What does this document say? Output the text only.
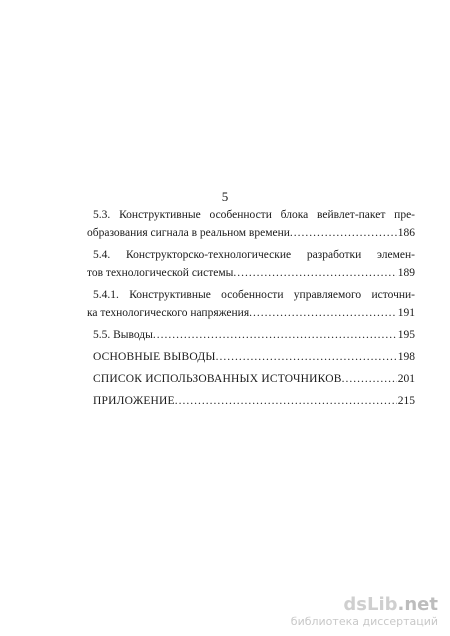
5
5.3. Конструктивные особенности блока вейвлет-пакет пре-
образования сигнала в реальном времени .....	186
5.4. Конструкторско-технологические разработки элемен-
тов технологической системы .....	189
5.4.1. Конструктивные особенности управляемого источни-
ка технологического напряжения .....	191
5.5. Выводы .....	195
ОСНОВНЫЕ ВЫВОДЫ .....	198
СПИСОК ИСПОЛЬЗОВАННЫХ ИСТОЧНИКОВ .....	201
ПРИЛОЖЕНИЕ .....	215
dsLib.net
библиотека диссертаций
